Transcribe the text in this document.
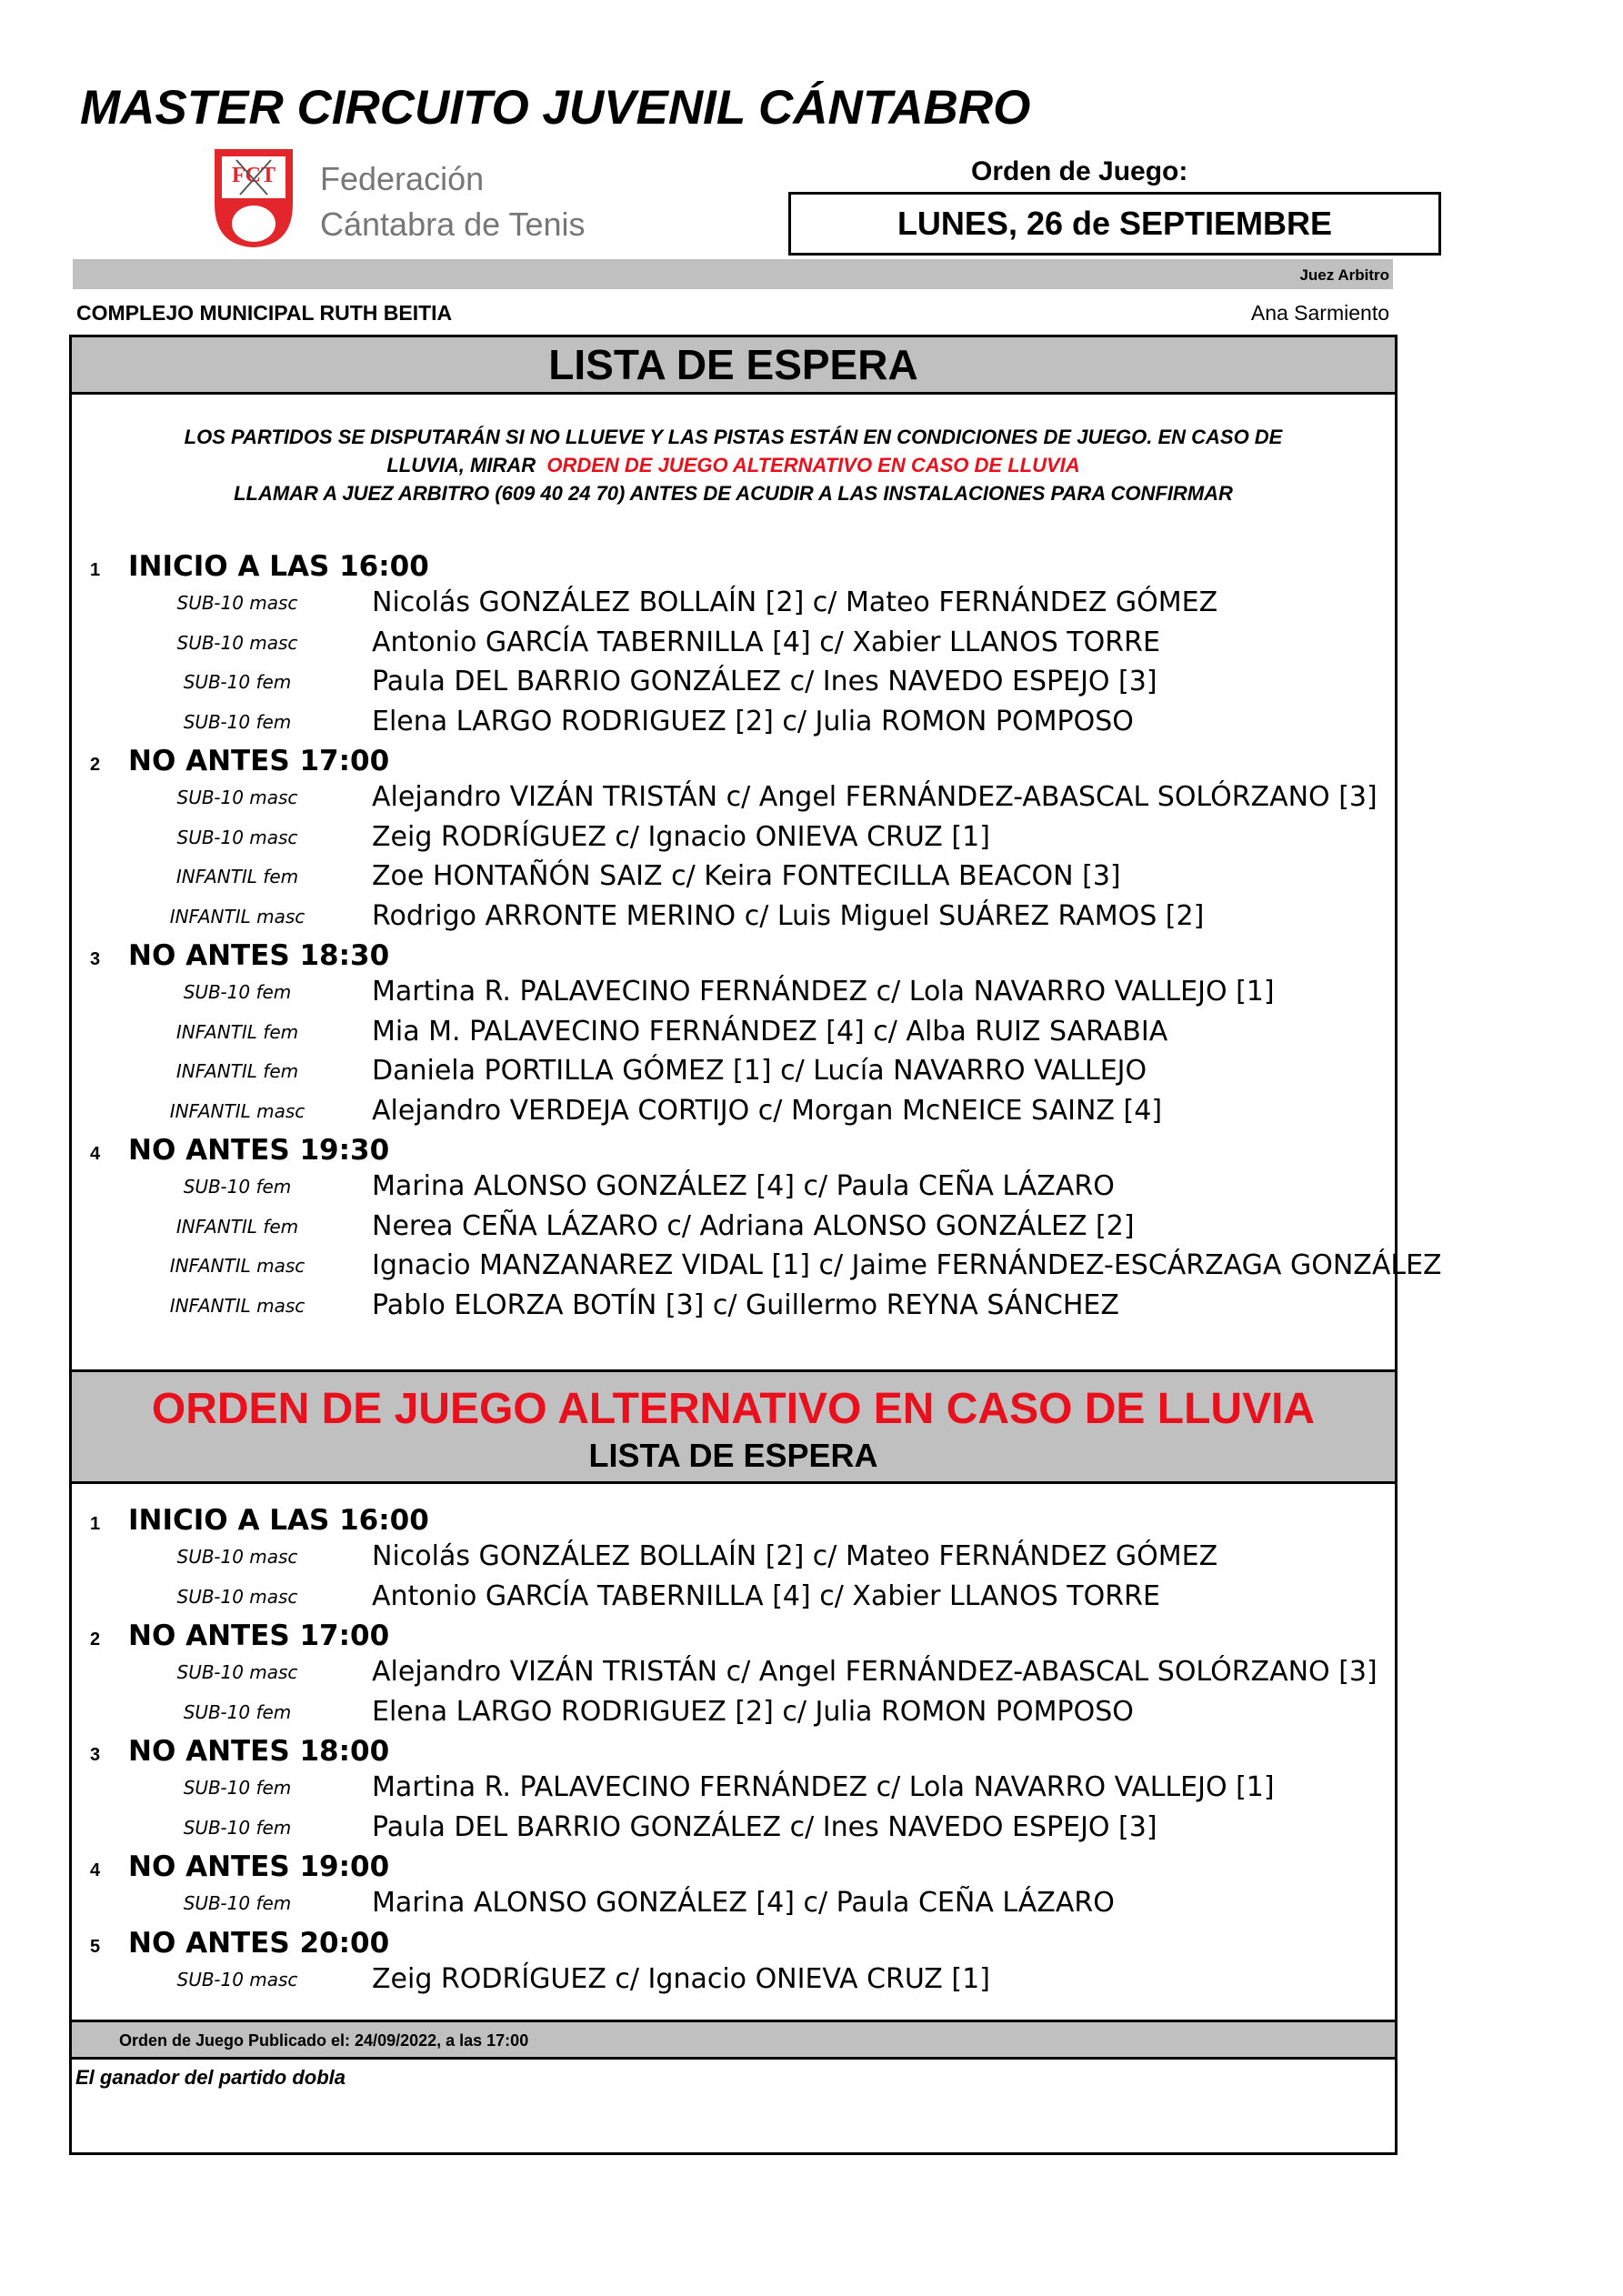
MASTER CIRCUITO JUVENIL CÁNTABRO
FCT Federación
Cántabra de Tenis
Orden de Juego:
LUNES, 26 de SEPTIEMBRE
Juez Arbitro
COMPLEJO MUNICIPAL RUTH BEITIA	Ana Sarmiento
LISTA DE ESPERA
LOS PARTIDOS SE DISPUTARÁN SI NO LLUEVE Y LAS PISTAS ESTÁN EN CONDICIONES DE JUEGO. EN CASO DE
LLUVIA, MIRAR ORDEN DE JUEGO ALTERNATIVO EN CASO DE LLUVIA
LLAMAR A JUEZ ARBITRO (609 40 24 70) ANTES DE ACUDIR A LAS INSTALACIONES PARA CONFIRMAR
1 INICIO A LAS 16:00
SUB-10 masc	Nicolás GONZÁLEZ BOLLAÍN [2] c/ Mateo FERNÁNDEZ GÓMEZ
SUB-10 masc	Antonio GARCÍA TABERNILLA [4] c/ Xabier LLANOS TORRE
SUB-10 fem	Paula DEL BARRIO GONZÁLEZ c/ Ines NAVEDO ESPEJO [3]
SUB-10 fem	Elena LARGO RODRIGUEZ [2] c/ Julia ROMON POMPOSO
2 NO ANTES 17:00
SUB-10 masc	Alejandro VIZÁN TRISTÁN c/ Angel FERNÁNDEZ-ABASCAL SOLÓRZANO [3]
SUB-10 masc	Zeig RODRÍGUEZ c/ Ignacio ONIEVA CRUZ [1]
INFANTIL fem	Zoe HONTAÑÓN SAIZ c/ Keira FONTECILLA BEACON [3]
INFANTIL masc Rodrigo ARRONTE MERINO c/ Luis Miguel SUÁREZ RAMOS [2]
3 NO ANTES 18:30
SUB-10 fem	Martina R. PALAVECINO FERNÁNDEZ c/ Lola NAVARRO VALLEJO [1]
INFANTIL fem	Mia M. PALAVECINO FERNÁNDEZ [4] c/ Alba RUIZ SARABIA
INFANTIL fem	Daniela PORTILLA GÓMEZ [1] c/ Lucía NAVARRO VALLEJO
INFANTIL masc Alejandro VERDEJA CORTIJO c/ Morgan McNEICE SAINZ [4]
4 NO ANTES 19:30
SUB-10 fem	Marina ALONSO GONZÁLEZ [4] c/ Paula CEÑA LÁZARO
INFANTIL fem	Nerea CEÑA LÁZARO c/ Adriana ALONSO GONZÁLEZ [2]
INFANTIL masc Ignacio MANZANAREZ VIDAL [1] c/ Jaime FERNÁNDEZ-ESCÁRZAGA GONZÁLEZ
INFANTIL masc Pablo ELORZA BOTÍN [3] c/ Guillermo REYNA SÁNCHEZ
ORDEN DE JUEGO ALTERNATIVO EN CASO DE LLUVIA
LISTA DE ESPERA
1 INICIO A LAS 16:00
SUB-10 masc	Nicolás GONZÁLEZ BOLLAÍN [2] c/ Mateo FERNÁNDEZ GÓMEZ
SUB-10 masc	Antonio GARCÍA TABERNILLA [4] c/ Xabier LLANOS TORRE
2 NO ANTES 17:00
SUB-10 masc	Alejandro VIZÁN TRISTÁN c/ Angel FERNÁNDEZ-ABASCAL SOLÓRZANO [3]
SUB-10 fem	Elena LARGO RODRIGUEZ [2] c/ Julia ROMON POMPOSO
3 NO ANTES 18:00
SUB-10 fem	Martina R. PALAVECINO FERNÁNDEZ c/ Lola NAVARRO VALLEJO [1]
SUB-10 fem	Paula DEL BARRIO GONZÁLEZ c/ Ines NAVEDO ESPEJO [3]
4 NO ANTES 19:00
SUB-10 fem	Marina ALONSO GONZÁLEZ [4] c/ Paula CEÑA LÁZARO
5 NO ANTES 20:00
SUB-10 masc	Zeig RODRÍGUEZ c/ Ignacio ONIEVA CRUZ [1]
Orden de Juego Publicado el: 24/09/2022, a las 17:00
El ganador del partido dobla
